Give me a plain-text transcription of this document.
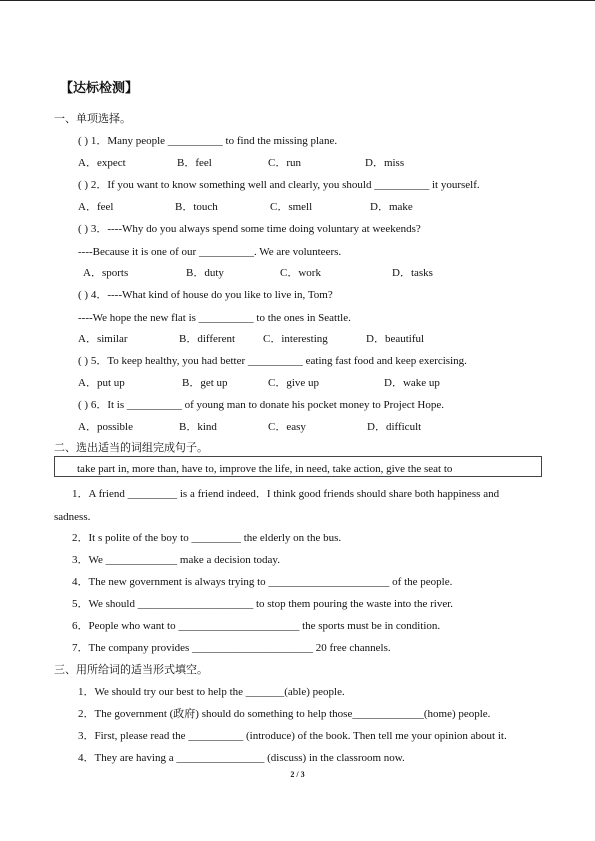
【达标检测】
一、单项选择。
( ) 1．Many people __________ to find the missing plane.
A．expect	B．feel	C．run	D．miss
( ) 2．If you want to know something well and clearly, you should __________ it yourself.
A．feel	B．touch	C．smell	D．make
( ) 3．----Why do you always spend some time doing voluntary at weekends?
----Because it is one of our __________. We are volunteers.
A．sports	B．duty	C．work	D．tasks
( ) 4．----What kind of house do you like to live in, Tom?
----We hope the new flat is __________ to the ones in Seattle.
A．similar	B．different	C．interesting	D．beautiful
( ) 5．To keep healthy, you had better __________ eating fast food and keep exercising.
A．put up	B．get up	C．give up	D．wake up
( ) 6．It is __________ of young man to donate his pocket money to Project Hope.
A．possible	B．kind	C．easy	D．difficult
二、选出适当的词组完成句子。
take part in, more than, have to, improve the life, in need, take action, give the seat to
1．A friend _________ is a friend indeed．I think good friends should share both happiness and
sadness.
2．It s polite of the boy to _________ the elderly on the bus.
3．We _____________ make a decision today.
4．The new government is always trying to ______________________ of the people.
5．We should _____________________ to stop them pouring the waste into the river.
6．People who want to ______________________ the sports must be in condition.
7．The company provides ______________________ 20 free channels.
三、用所给词的适当形式填空。
1．We should try our best to help the _______(able) people.
2．The government (政府) should do something to help those_____________(home) people.
3．First, please read the __________ (introduce) of the book. Then tell me your opinion about it.
4．They are having a ________________ (discuss) in the classroom now.
2 / 3
